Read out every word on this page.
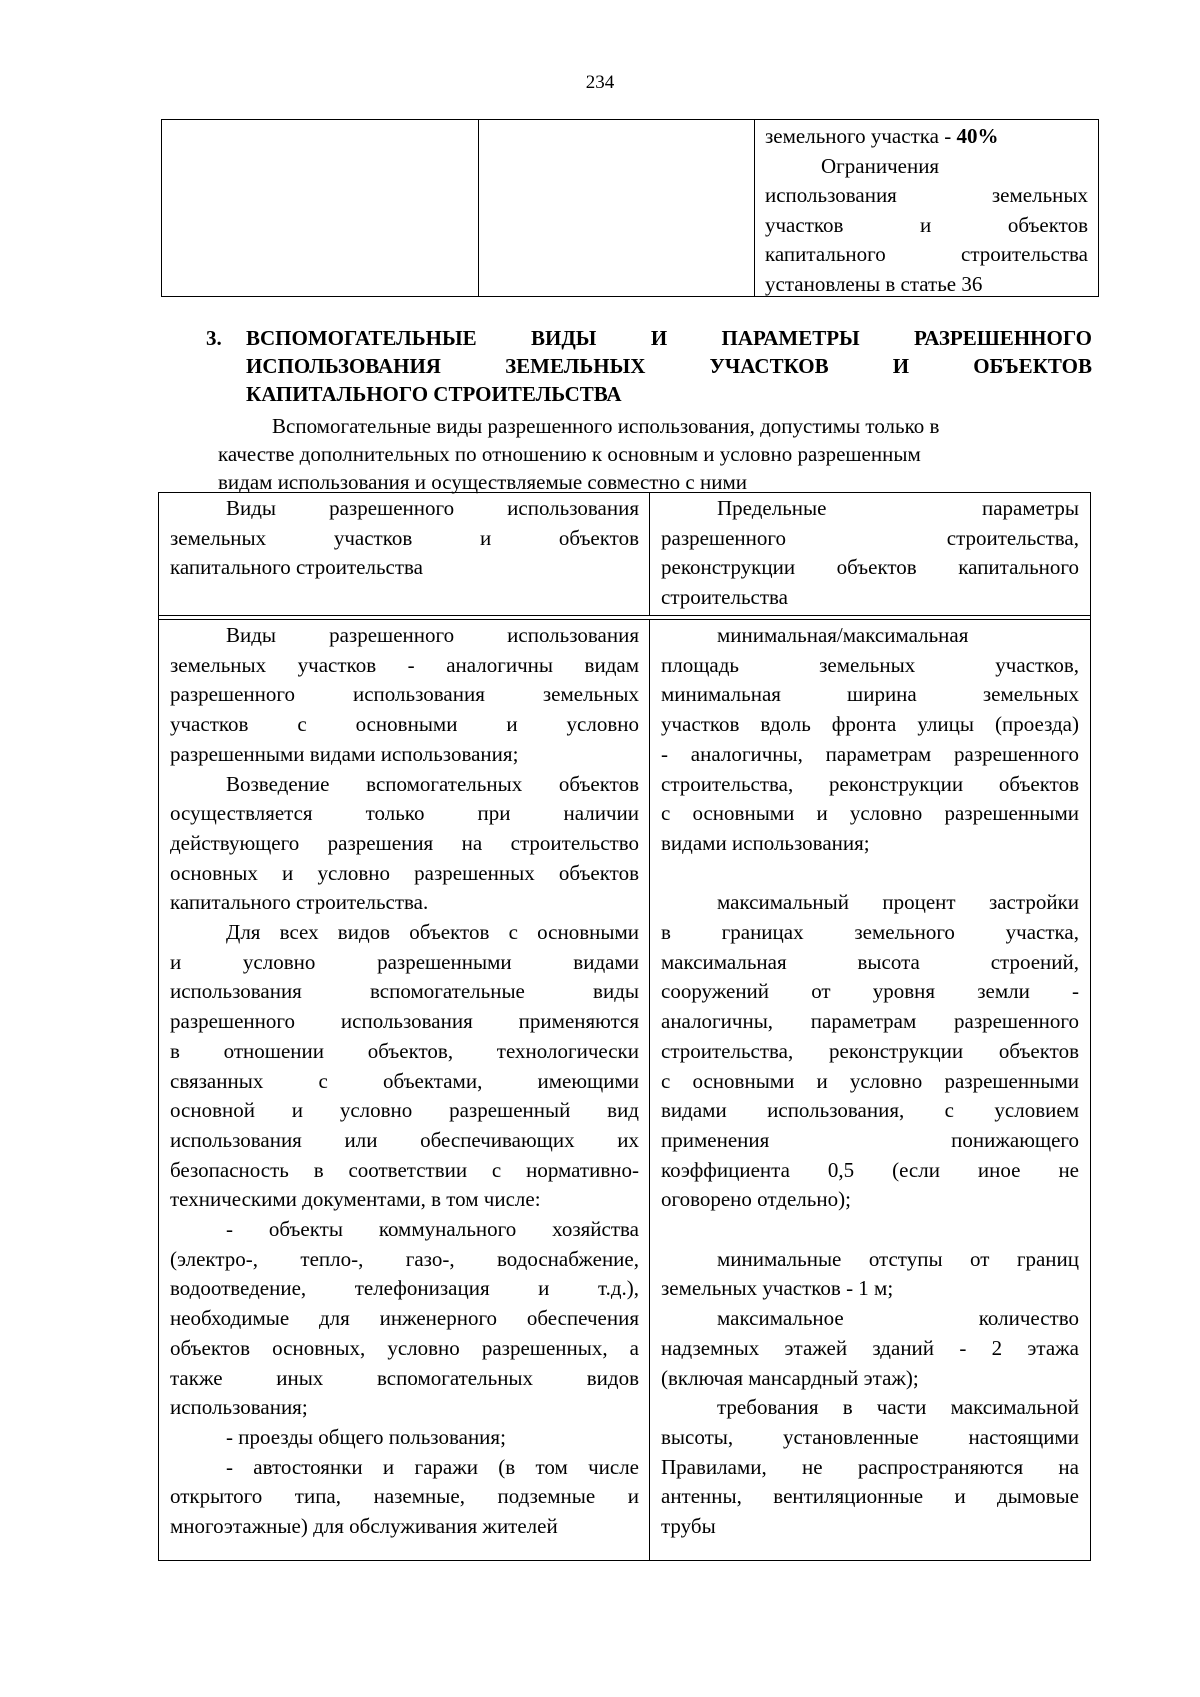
234
земельного участка - 40%
Ограничения
использования земельных
участков и объектов
капитального строительства
установлены в статье 36
3.	ВСПОМОГАТЕЛЬНЫЕ ВИДЫ И ПАРАМЕТРЫ РАЗРЕШЕННОГО
ИСПОЛЬЗОВАНИЯ ЗЕМЕЛЬНЫХ УЧАСТКОВ И ОБЪЕКТОВ
КАПИТАЛЬНОГО СТРОИТЕЛЬСТВА
Вспомогательные виды разрешенного использования, допустимы только в
качестве дополнительных по отношению к основным и условно разрешенным
видам использования и осуществляемые совместно с ними
Виды разрешенного использования
земельных участков и объектов
капитального строительства
Предельные параметры
разрешенного строительства,
реконструкции объектов капитального
строительства
Виды разрешенного использования
земельных участков - аналогичны видам
разрешенного использования земельных
участков с основными и условно
разрешенными видами использования;
Возведение вспомогательных объектов
осуществляется только при наличии
действующего разрешения на строительство
основных и условно разрешенных объектов
капитального строительства.
Для всех видов объектов с основными
и условно разрешенными видами
использования вспомогательные виды
разрешенного использования применяются
в отношении объектов, технологически
связанных с объектами, имеющими
основной и условно разрешенный вид
использования или обеспечивающих их
безопасность в соответствии с нормативно-
техническими документами, в том числе:
- объекты коммунального хозяйства
(электро-, тепло-, газо-, водоснабжение,
водоотведение, телефонизация и т.д.),
необходимые для инженерного обеспечения
объектов основных, условно разрешенных, а
также иных вспомогательных видов
использования;
- проезды общего пользования;
- автостоянки и гаражи (в том числе
открытого типа, наземные, подземные и
многоэтажные) для обслуживания жителей
минимальная/максимальная
площадь земельных участков,
минимальная ширина земельных
участков вдоль фронта улицы (проезда)
- аналогичны, параметрам разрешенного
строительства, реконструкции объектов
с основными и условно разрешенными
видами использования;
максимальный процент застройки
в границах земельного участка,
максимальная высота строений,
сооружений от уровня земли -
аналогичны, параметрам разрешенного
строительства, реконструкции объектов
с основными и условно разрешенными
видами использования, с условием
применения понижающего
коэффициента 0,5 (если иное не
оговорено отдельно);
минимальные отступы от границ
земельных участков - 1 м;
максимальное количество
надземных этажей зданий - 2 этажа
(включая мансардный этаж);
требования в части максимальной
высоты, установленные настоящими
Правилами, не распространяются на
антенны, вентиляционные и дымовые
трубы
